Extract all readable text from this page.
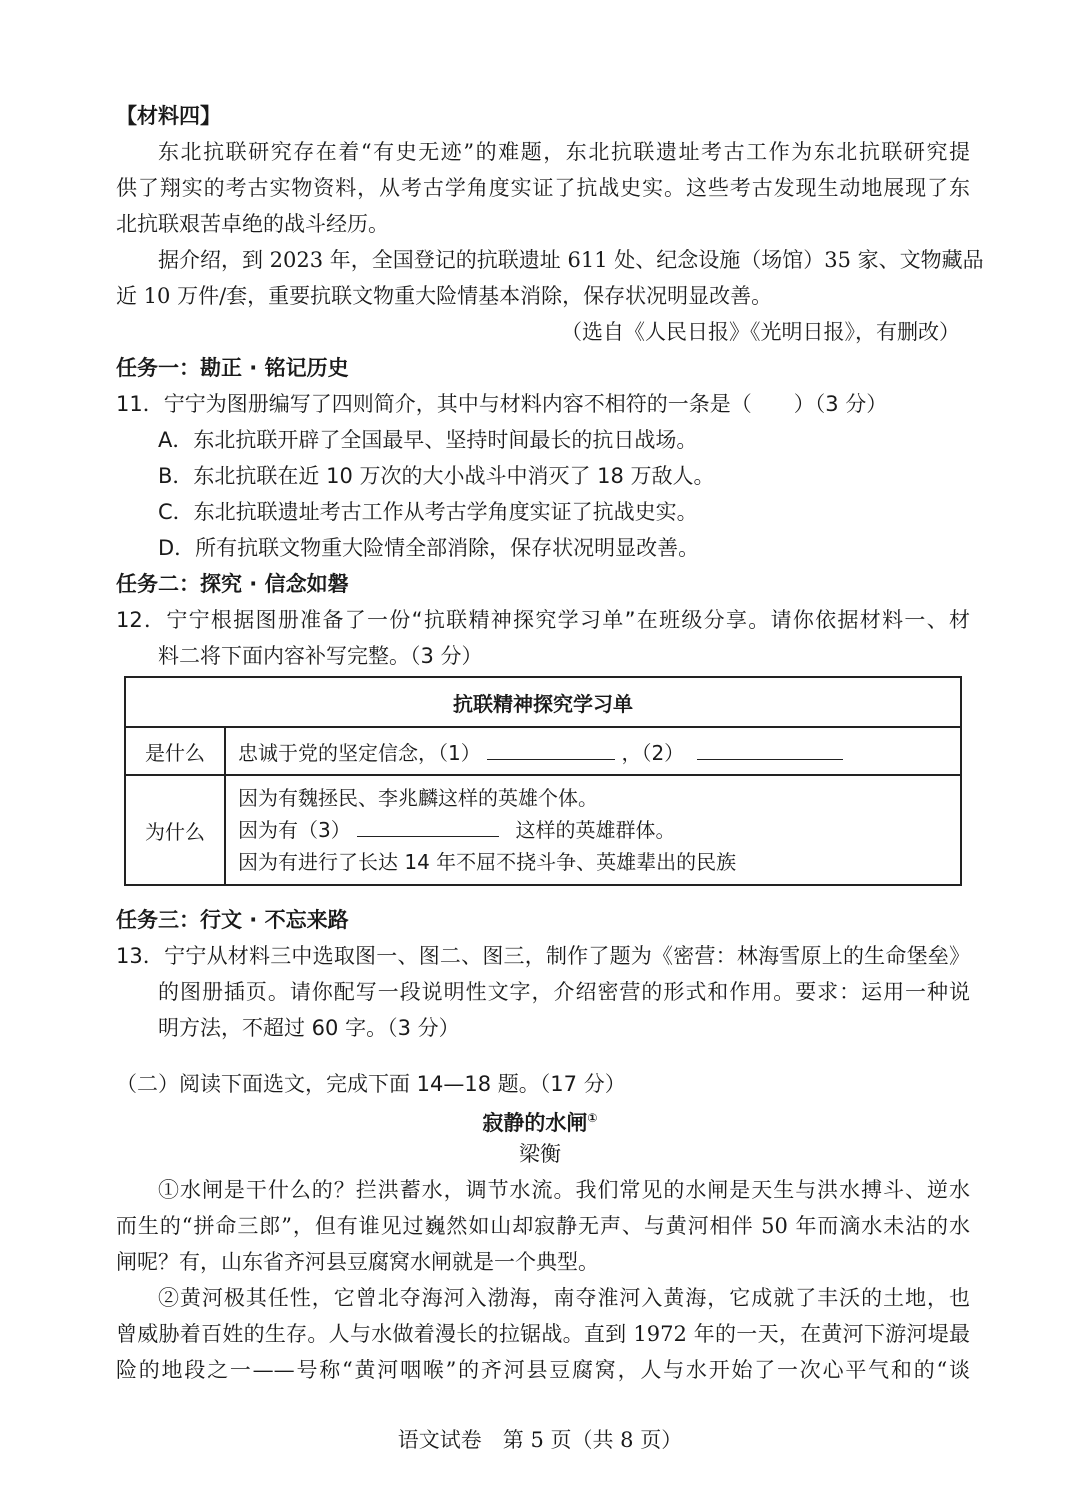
【材料四】
东北抗联研究存在着“有史无迹”的难题，东北抗联遗址考古工作为东北抗联研究提
供了翔实的考古实物资料，从考古学角度实证了抗战史实。这些考古发现生动地展现了东
北抗联艰苦卓绝的战斗经历。
据介绍，到 2023 年，全国登记的抗联遗址 611 处、纪念设施（场馆）35 家、文物藏品
近 10 万件/套，重要抗联文物重大险情基本消除，保存状况明显改善。
（选自《人民日报》《光明日报》，有删改）
任务一：勘正 · 铭记历史
11．宁宁为图册编写了四则简介，其中与材料内容不相符的一条是（　　）（3 分）
A．东北抗联开辟了全国最早、坚持时间最长的抗日战场。
B．东北抗联在近 10 万次的大小战斗中消灭了 18 万敌人。
C．东北抗联遗址考古工作从考古学角度实证了抗战史实。
D．所有抗联文物重大险情全部消除，保存状况明显改善。
任务二：探究 · 信念如磐
12．宁宁根据图册准备了一份“抗联精神探究学习单”在班级分享。请你依据材料一、材
料二将下面内容补写完整。（3 分）
抗联精神探究学习单	
是什么	忠诚于党的坚定信念，（1） ，（2）
为什么	因为有魏拯民、李兆麟这样的英雄个体。
因为有（3） 这样的英雄群体。
因为有进行了长达 14 年不屈不挠斗争、英雄辈出的民族
任务三：行文 · 不忘来路
13．宁宁从材料三中选取图一、图二、图三，制作了题为《密营：林海雪原上的生命堡垒》
的图册插页。请你配写一段说明性文字，介绍密营的形式和作用。要求：运用一种说
明方法，不超过 60 字。（3 分）
（二）阅读下面选文，完成下面 14—18 题。（17 分）
寂静的水闸①
梁衡
①水闸是干什么的？拦洪蓄水，调节水流。我们常见的水闸是天生与洪水搏斗、逆水
而生的“拼命三郎”，但有谁见过巍然如山却寂静无声、与黄河相伴 50 年而滴水未沾的水
闸呢？有，山东省齐河县豆腐窝水闸就是一个典型。
②黄河极其任性，它曾北夺海河入渤海，南夺淮河入黄海，它成就了丰沃的土地，也
曾威胁着百姓的生存。人与水做着漫长的拉锯战。直到 1972 年的一天，在黄河下游河堤最
险的地段之一——号称“黄河咽喉”的齐河县豆腐窝，人与水开始了一次心平气和的“谈
语文试卷　第 5 页（共 8 页）
